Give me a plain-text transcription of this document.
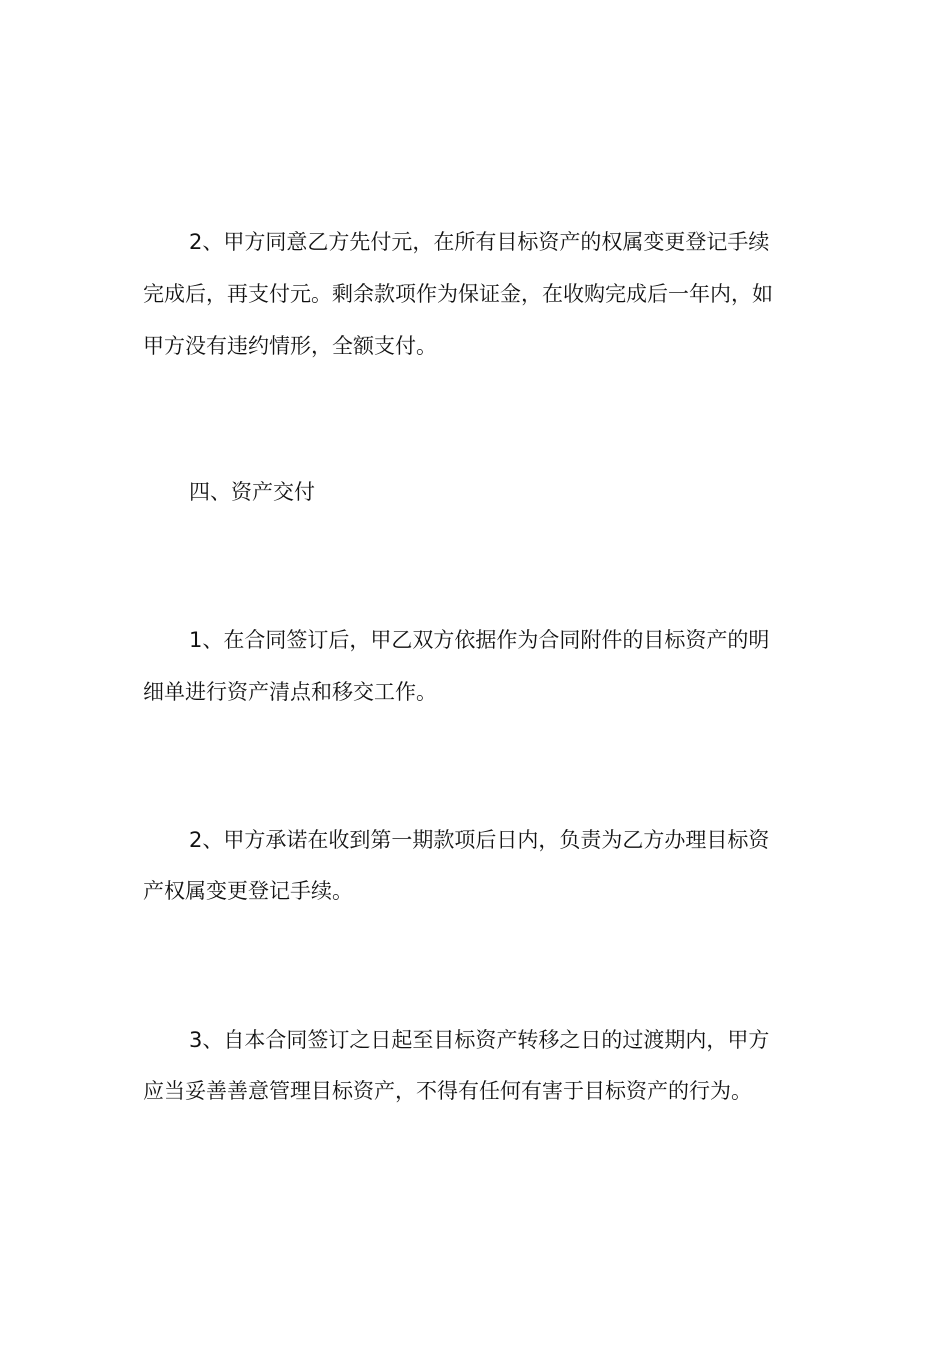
2、甲方同意乙方先付元，在所有目标资产的权属变更登记手续
完成后，再支付元。剩余款项作为保证金，在收购完成后一年内，如
甲方没有违约情形，全额支付。
四、资产交付
1、在合同签订后，甲乙双方依据作为合同附件的目标资产的明
细单进行资产清点和移交工作。
2、甲方承诺在收到第一期款项后日内，负责为乙方办理目标资
产权属变更登记手续。
3、自本合同签订之日起至目标资产转移之日的过渡期内，甲方
应当妥善善意管理目标资产，不得有任何有害于目标资产的行为。
